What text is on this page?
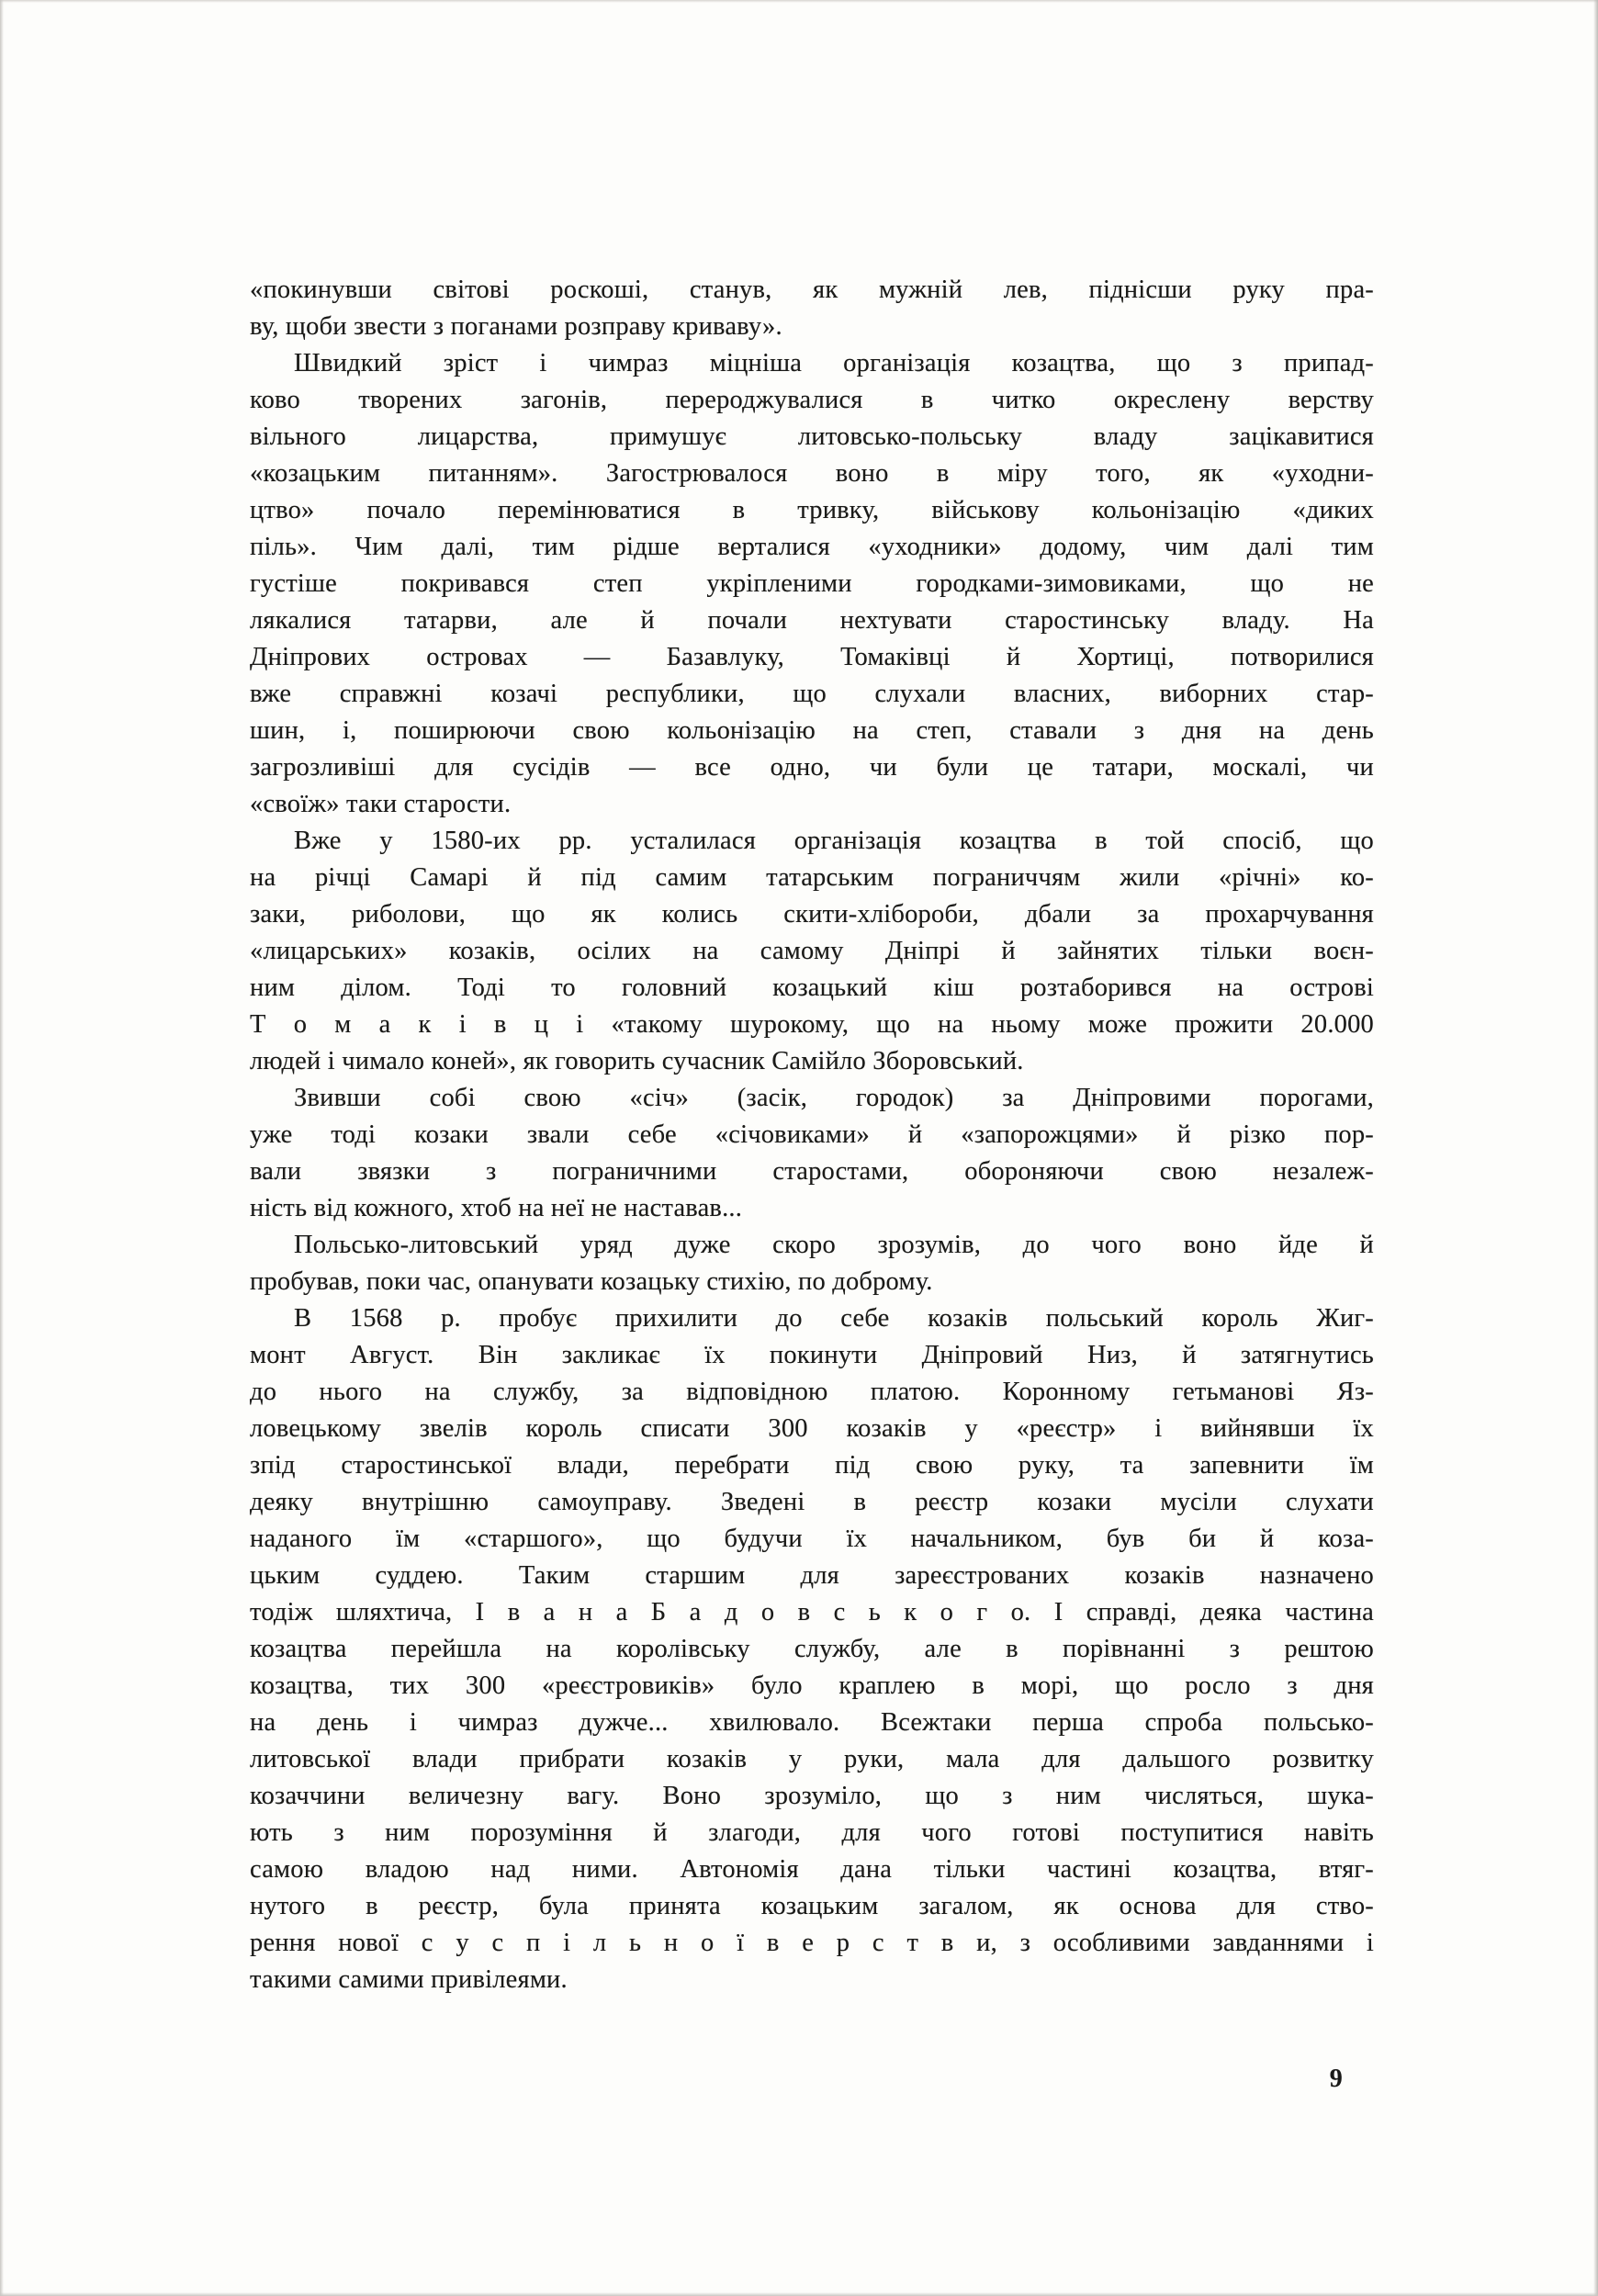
«покинувши світові роскоші, станув, як мужній лев, піднісши руку пра-
ву, щоби звести з поганами розправу криваву».
Швидкий зріст і чимраз міцніша організація козацтва, що з припад-
ково творених загонів, перероджувалися в читко окреслену верству
вільного лицарства, примушує литовсько-польську владу зацікавитися
«козацьким питанням». Загострювалося воно в міру того, як «уходни-
цтво» почало перемінюватися в тривку, військову кольонізацію «диких
піль». Чим далі, тим рідше верталися «уходники» додому, чим далі тим
густіше покривався степ укріпленими городками-зимовиками, що не
лякалися татарви, але й почали нехтувати старостинську владу. На
Дніпрових островах — Базавлуку, Томаківці й Хортиці, потворилися
вже справжні козачі республики, що слухали власних, виборних стар-
шин, і, поширюючи свою кольонізацію на степ, ставали з дня на день
загрозливіші для сусідів — все одно, чи були це татари, москалі, чи
«своїж» таки старости.
Вже у 1580-их рр. усталилася організація козацтва в той спосіб, що
на річці Самарі й під самим татарським пограниччям жили «річні» ко-
заки, риболови, що як колись скити-хлібороби, дбали за прохарчування
«лицарських» козаків, осілих на самому Дніпрі й зайнятих тільки воєн-
ним ділом. Тоді то головний козацький кіш розтаборився на острові
Т о м а к і в ц і «такому шурокому, що на ньому може прожити 20.000
людей і чимало коней», як говорить сучасник Самійло Зборовський.
Звивши собі свою «січ» (засік, городок) за Дніпровими порогами,
уже тоді козаки звали себе «січовиками» й «запорожцями» й різко пор-
вали звязки з пограничними старостами, обороняючи свою незалеж-
ність від кожного, хтоб на неї не наставав...
Польсько-литовський уряд дуже скоро зрозумів, до чого воно йде й
пробував, поки час, опанувати козацьку стихію, по доброму.
В 1568 р. пробує прихилити до себе козаків польський король Жиг-
монт Август. Він закликає їх покинути Дніпровий Низ, й затягнутись
до нього на службу, за відповідною платою. Коронному гетьманові Яз-
ловецькому звелів король списати 300 козаків у «реєстр» і вийнявши їх
зпід старостинської влади, перебрати під свою руку, та запевнити їм
деяку внутрішню самоуправу. Зведені в реєстр козаки мусіли слухати
наданого їм «старшого», що будучи їх начальником, був би й коза-
цьким суддею. Таким старшим для зареєстрованих козаків назначено
тодіж шляхтича, І в а н а Б а д о в с ь к о г о. І справді, деяка частина
козацтва перейшла на королівську службу, але в порівнанні з рештою
козацтва, тих 300 «реєстровиків» було краплею в морі, що росло з дня
на день і чимраз дужче... хвилювало. Всежтаки перша спроба польсько-
литовської влади прибрати козаків у руки, мала для дальшого розвитку
козаччини величезну вагу. Воно зрозуміло, що з ним числяться, шука-
ють з ним порозуміння й злагоди, для чого готові поступитися навіть
самою владою над ними. Автономія дана тільки частині козацтва, втяг-
нутого в реєстр, була принята козацьким загалом, як основа для ство-
рення нової с у с п і л ь н о ї в е р с т в и, з особливими завданнями і
такими самими привілеями.
9
